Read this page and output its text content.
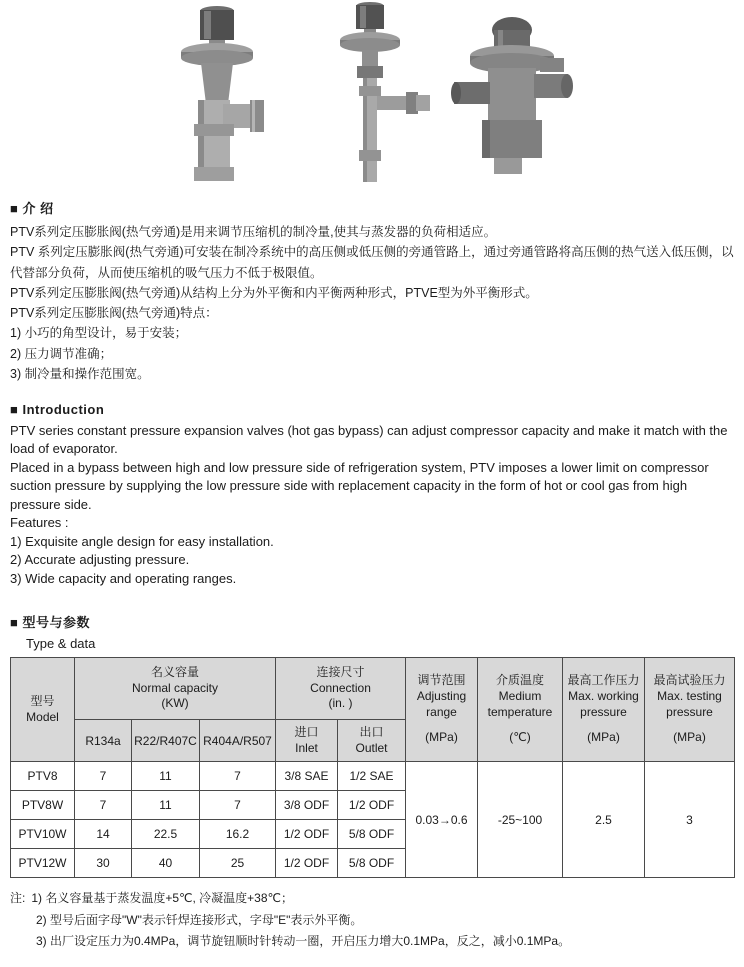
■ 介 绍

PTV系列定压膨胀阀(热气旁通)是用来调节压缩机的制冷量,使其与蒸发器的负荷相适应。

PTV 系列定压膨胀阀(热气旁通)可安装在制冷系统中的高压侧或低压侧的旁通管路上，通过旁通管路将高压侧的热气送入低压侧，以代替部分负荷，从而使压缩机的吸气压力不低于极限值。

PTV系列定压膨胀阀(热气旁通)从结构上分为外平衡和内平衡两种形式，PTVE型为外平衡形式。

PTV系列定压膨胀阀(热气旁通)特点：

1) 小巧的角型设计，易于安装；

2) 压力调节准确；

3) 制冷量和操作范围宽。

■ Introduction

PTV series constant pressure expansion valves (hot gas bypass) can adjust compressor capacity and make it match with the load of evaporator.

Placed in a bypass between high and low pressure side of refrigeration system, PTV imposes a lower limit on compressor suction pressure by supplying the low pressure side with replacement capacity in the form of hot or cool gas from high pressure side.

Features :

1) Exquisite angle design for easy installation.

2) Accurate adjusting pressure.

3) Wide capacity and operating ranges.

■ 型号与参数
Type & data
型号
Model

名义容量
Normal capacity
(KW)

连接尺寸
Connection
(in. )

调节范围
Adjusting range
(MPa)

介质温度
Medium temperature
(℃)

最高工作压力
Max. working pressure
(MPa)

最高试验压力
Max. testing pressure
(MPa)

R134a	R22/R407C	R404A/R507	
进口
Inlet

出口
Outlet

PTV8	7	11	7	3/8 SAE	1/2 SAE	0.03→0.6	-25~100	2.5	3
PTV8W	7	11	7	3/8 ODF	1/2 ODF				
PTV10W	14	22.5	16.2	1/2 ODF	5/8 ODF				
PTV12W	30	40	25	1/2 ODF	5/8 ODF				
注: 1) 名义容量基于蒸发温度+5℃, 冷凝温度+38℃；
2) 型号后面字母"W"表示钎焊连接形式，字母"E"表示外平衡。
3) 出厂设定压力为0.4MPa，调节旋钮顺时针转动一圈，开启压力增大0.1MPa，反之，减小0.1MPa。
